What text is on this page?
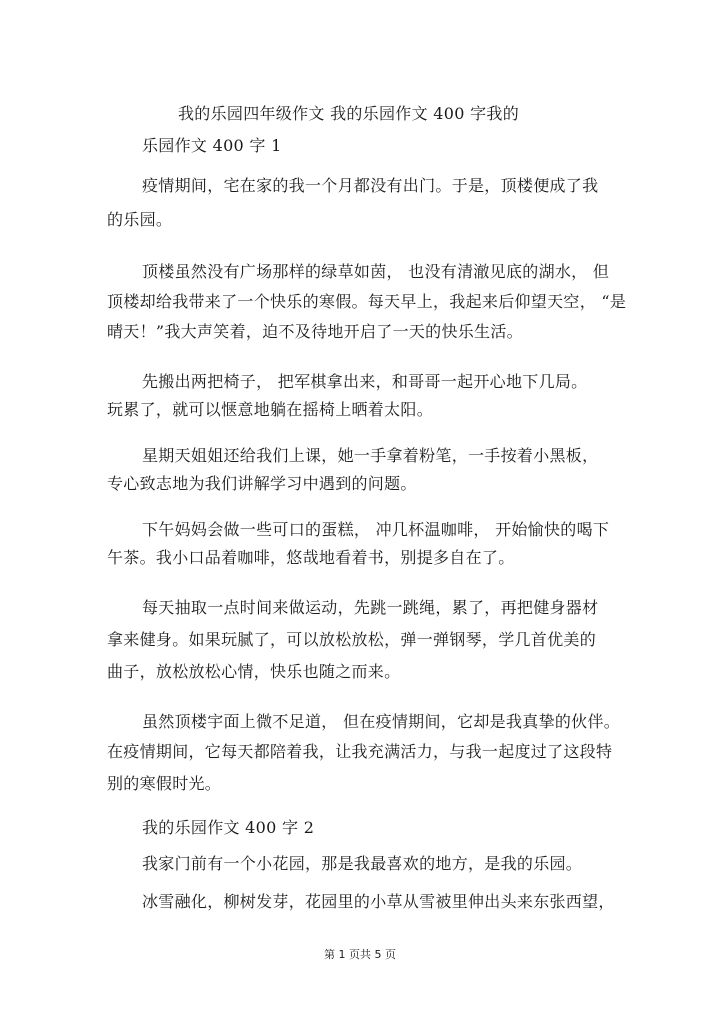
我的乐园四年级作文 我的乐园作文 400 字我的
乐园作文 400 字 1
疫情期间，宅在家的我一个月都没有出门。于是，顶楼便成了我
的乐园。
顶楼虽然没有广场那样的绿草如茵， 也没有清澈见底的湖水， 但
顶楼却给我带来了一个快乐的寒假。每天早上，我起来后仰望天空， “是
晴天！”我大声笑着，迫不及待地开启了一天的快乐生活。
先搬出两把椅子， 把军棋拿出来，和哥哥一起开心地下几局。
玩累了，就可以惬意地躺在摇椅上晒着太阳。
星期天姐姐还给我们上课，她一手拿着粉笔，一手按着小黑板，
专心致志地为我们讲解学习中遇到的问题。
下午妈妈会做一些可口的蛋糕， 冲几杯温咖啡， 开始愉快的喝下
午茶。我小口品着咖啡，悠哉地看着书，别提多自在了。
每天抽取一点时间来做运动，先跳一跳绳，累了，再把健身器材
拿来健身。如果玩腻了，可以放松放松，弹一弹钢琴，学几首优美的
曲子，放松放松心情，快乐也随之而来。
虽然顶楼宇面上微不足道， 但在疫情期间，它却是我真挚的伙伴。
在疫情期间，它每天都陪着我，让我充满活力，与我一起度过了这段特
别的寒假时光。
我的乐园作文 400 字 2
我家门前有一个小花园，那是我最喜欢的地方，是我的乐园。
冰雪融化，柳树发芽，花园里的小草从雪被里伸出头来东张西望，
第 1 页共 5 页
